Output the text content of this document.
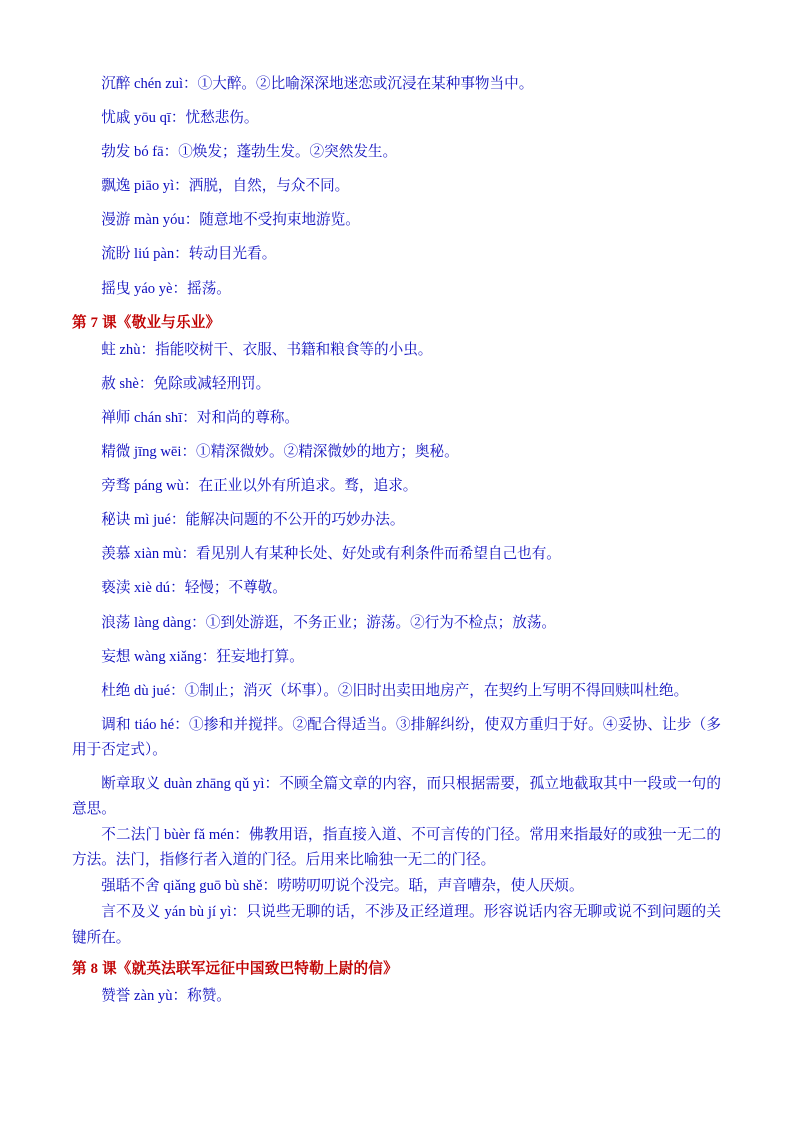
沉醉 chén zuì：①大醉。②比喻深深地迷恋或沉浸在某种事物当中。

忧戚 yōu qī：忧愁悲伤。

勃发 bó fā：①焕发；蓬勃生发。②突然发生。

飘逸 piāo yì：洒脱，自然，与众不同。

漫游 màn yóu：随意地不受拘束地游览。

流盼 liú pàn：转动目光看。

摇曳 yáo yè：摇荡。

第 7 课《敬业与乐业》

蛀 zhù：指能咬树干、衣服、书籍和粮食等的小虫。

赦 shè：免除或减轻刑罚。

禅师 chán shī：对和尚的尊称。

精微 jīng wēi：①精深微妙。②精深微妙的地方；奥秘。

旁骛 páng wù：在正业以外有所追求。骛，追求。

秘诀 mì jué：能解决问题的不公开的巧妙办法。

羡慕 xiàn mù：看见别人有某种长处、好处或有利条件而希望自己也有。

亵渎 xiè dú：轻慢；不尊敬。

浪荡 làng dàng：①到处游逛，不务正业；游荡。②行为不检点；放荡。

妄想 wàng xiǎng：狂妄地打算。

杜绝 dù jué：①制止；消灭（坏事）。②旧时出卖田地房产，在契约上写明不得回赎叫杜绝。

调和 tiáo hé：①掺和并搅拌。②配合得适当。③排解纠纷，使双方重归于好。④妥协、让步（多用于否定式）。

断章取义 duàn zhāng qǔ yì：不顾全篇文章的内容，而只根据需要，孤立地截取其中一段或一句的意思。

不二法门 bùèr fǎ mén：佛教用语，指直接入道、不可言传的门径。常用来指最好的或独一无二的方法。法门，指修行者入道的门径。后用来比喻独一无二的门径。

强聒不舍 qiǎng guō bù shě：唠唠叨叨说个没完。聒，声音嘈杂，使人厌烦。

言不及义 yán bù jí yì：只说些无聊的话，不涉及正经道理。形容说话内容无聊或说不到问题的关键所在。

第 8 课《就英法联军远征中国致巴特勒上尉的信》

赞誉 zàn yù：称赞。
